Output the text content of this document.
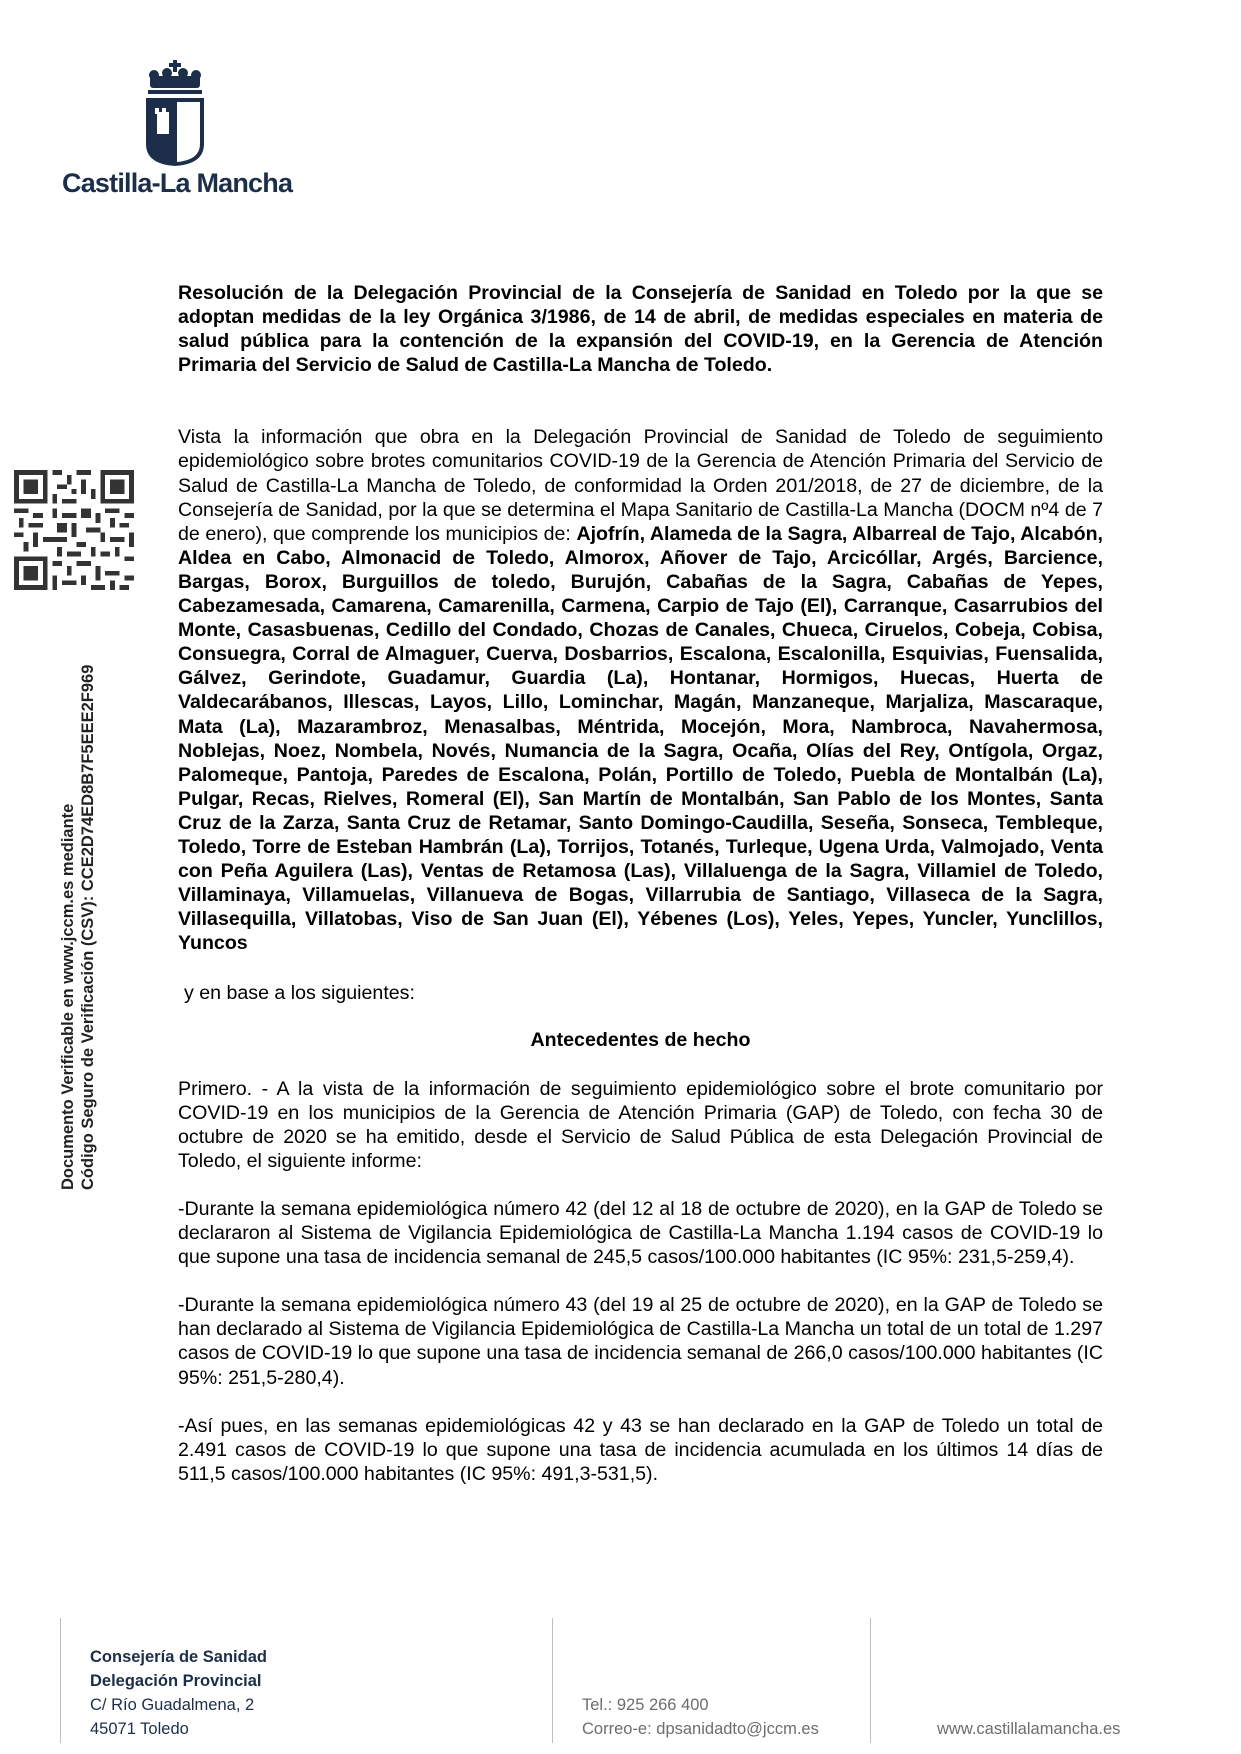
Castilla-La Mancha

Resolución de la Delegación Provincial de la Consejería de Sanidad en Toledo por la que se adoptan medidas de la ley Orgánica 3/1986, de 14 de abril, de medidas especiales en materia de salud pública para la contención de la expansión del COVID-19, en la Gerencia de Atención Primaria del Servicio de Salud de Castilla-La Mancha de Toledo.

Vista la información que obra en la Delegación Provincial de Sanidad de Toledo de seguimiento epidemiológico sobre brotes comunitarios COVID-19 de la Gerencia de Atención Primaria del Servicio de Salud de Castilla-La Mancha de Toledo, de conformidad la Orden 201/2018, de 27 de diciembre, de la Consejería de Sanidad, por la que se determina el Mapa Sanitario de Castilla-La Mancha (DOCM nº4 de 7 de enero), que comprende los municipios de: Ajofrín, Alameda de la Sagra, Albarreal de Tajo, Alcabón, Aldea en Cabo, Almonacid de Toledo, Almorox, Añover de Tajo, Arcicóllar, Argés, Barcience, Bargas, Borox, Burguillos de toledo, Burujón, Cabañas de la Sagra, Cabañas de Yepes, Cabezamesada, Camarena, Camarenilla, Carmena, Carpio de Tajo (El), Carranque, Casarrubios del Monte, Casasbuenas, Cedillo del Condado, Chozas de Canales, Chueca, Ciruelos, Cobeja, Cobisa, Consuegra, Corral de Almaguer, Cuerva, Dosbarrios, Escalona, Escalonilla, Esquivias, Fuensalida, Gálvez, Gerindote, Guadamur, Guardia (La), Hontanar, Hormigos, Huecas, Huerta de Valdecarábanos, Illescas, Layos, Lillo, Lominchar, Magán, Manzaneque, Marjaliza, Mascaraque, Mata (La), Mazarambroz, Menasalbas, Méntrida, Mocejón, Mora, Nambroca, Navahermosa, Noblejas, Noez, Nombela, Novés, Numancia de la Sagra, Ocaña, Olías del Rey, Ontígola, Orgaz, Palomeque, Pantoja, Paredes de Escalona, Polán, Portillo de Toledo, Puebla de Montalbán (La), Pulgar, Recas, Rielves, Romeral (El), San Martín de Montalbán, San Pablo de los Montes, Santa Cruz de la Zarza, Santa Cruz de Retamar, Santo Domingo-Caudilla, Seseña, Sonseca, Tembleque, Toledo, Torre de Esteban Hambrán (La), Torrijos, Totanés, Turleque, Ugena Urda, Valmojado, Venta con Peña Aguilera (Las), Ventas de Retamosa (Las), Villaluenga de la Sagra, Villamiel de Toledo, Villaminaya, Villamuelas, Villanueva de Bogas, Villarrubia de Santiago, Villaseca de la Sagra, Villasequilla, Villatobas, Viso de San Juan (El), Yébenes (Los), Yeles, Yepes, Yuncler, Yunclillos, Yuncos

y en base a los siguientes:

Antecedentes de hecho

Primero. - A la vista de la información de seguimiento epidemiológico sobre el brote comunitario por COVID-19 en los municipios de la Gerencia de Atención Primaria (GAP) de Toledo, con fecha 30 de octubre de 2020 se ha emitido, desde el Servicio de Salud Pública de esta Delegación Provincial de Toledo, el siguiente informe:

-Durante la semana epidemiológica número 42 (del 12 al 18 de octubre de 2020), en la GAP de Toledo se declararon al Sistema de Vigilancia Epidemiológica de Castilla-La Mancha 1.194 casos de COVID-19 lo que supone una tasa de incidencia semanal de 245,5 casos/100.000 habitantes (IC 95%: 231,5-259,4).

-Durante la semana epidemiológica número 43 (del 19 al 25 de octubre de 2020), en la GAP de Toledo se han declarado al Sistema de Vigilancia Epidemiológica de Castilla-La Mancha un total de un total de 1.297 casos de COVID-19 lo que supone una tasa de incidencia semanal de 266,0 casos/100.000 habitantes (IC 95%: 251,5-280,4).

-Así pues, en las semanas epidemiológicas 42 y 43 se han declarado en la GAP de Toledo un total de 2.491 casos de COVID-19 lo que supone una tasa de incidencia acumulada en los últimos 14 días de 511,5 casos/100.000 habitantes (IC 95%: 491,3-531,5).

Documento Verificable en www.jccm.es mediante Código Seguro de Verificación (CSV): CCE2D74ED8B7F5EEE2F969
Consejería de Sanidad
Delegación Provincial
C/ Río Guadalmena, 2
45071 Toledo
Tel.: 925 266 400
Correo-e: dpsanidadto@jccm.es	www.castillalamancha.es
